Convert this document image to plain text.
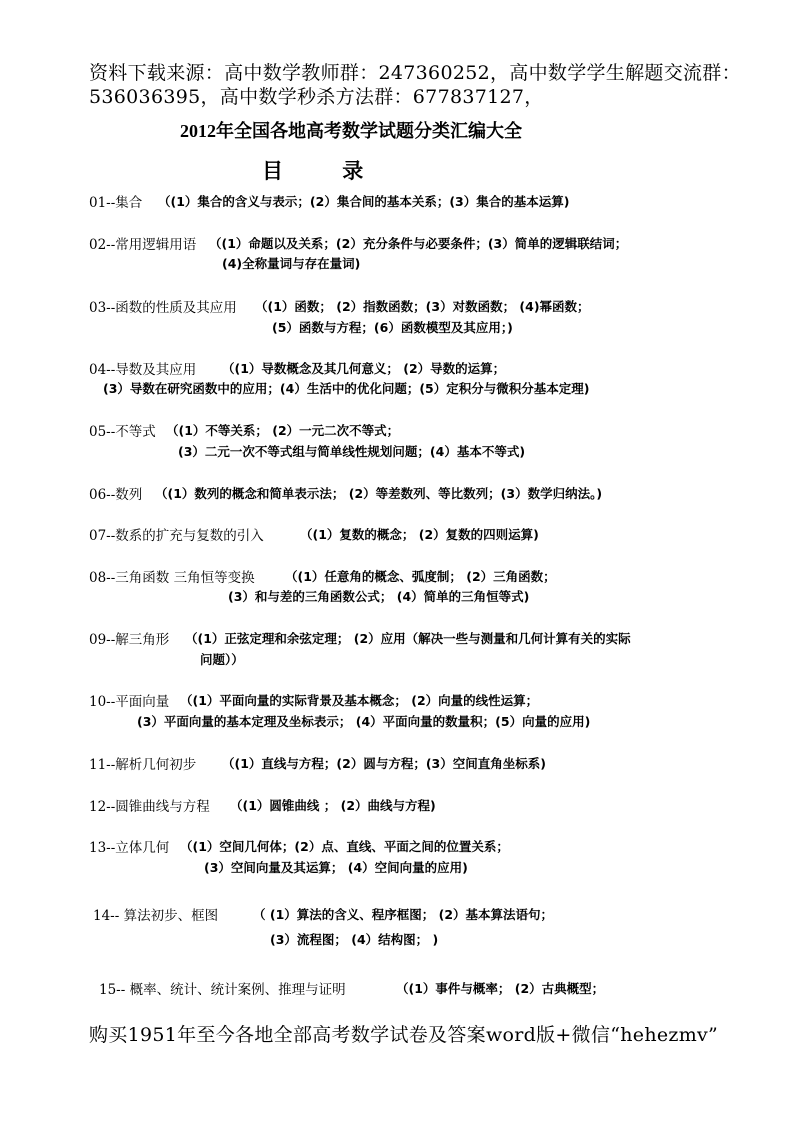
资料下载来源：高中数学教师群：247360252，高中数学学生解题交流群：
536036395，高中数学秒杀方法群：677837127，
2012年全国各地高考数学试题分类汇编大全
目 录
01--集合 （(1）集合的含义与表示；(2）集合间的基本关系；(3）集合的基本运算)
02--常用逻辑用语 （(1）命题以及关系；(2）充分条件与必要条件；(3）简单的逻辑联结词；
(4)全称量词与存在量词)
03--函数的性质及其应用 （(1）函数； (2）指数函数；(3）对数函数； (4)幂函数；
(5）函数与方程；(6）函数模型及其应用；)
04--导数及其应用 （(1）导数概念及其几何意义； (2）导数的运算；
(3）导数在研究函数中的应用；(4）生活中的优化问题；(5）定积分与微积分基本定理)
05--不等式 （(1）不等关系； (2）一元二次不等式；
(3）二元一次不等式组与简单线性规划问题；(4）基本不等式)
06--数列 （(1）数列的概念和简单表示法； (2）等差数列、等比数列；(3）数学归纳法。)
07--数系的扩充与复数的引入	（(1）复数的概念； (2）复数的四则运算)
08--三角函数 三角恒等变换 （(1）任意角的概念、弧度制； (2）三角函数；
(3）和与差的三角函数公式； (4）简单的三角恒等式)
09--解三角形 （(1）正弦定理和余弦定理； (2）应用（解决一些与测量和几何计算有关的实际
问题））
10--平面向量 （(1）平面向量的实际背景及基本概念； (2）向量的线性运算；
(3）平面向量的基本定理及坐标表示； (4）平面向量的数量积；(5）向量的应用)
11--解析几何初步 （(1）直线与方程；(2）圆与方程；(3）空间直角坐标系)
12--圆锥曲线与方程 （(1）圆锥曲线 ； (2）曲线与方程)
13--立体几何 （(1）空间几何体；(2）点、直线、平面之间的位置关系；
(3）空间向量及其运算； (4）空间向量的应用)
14-- 算法初步、框图	（ (1）算法的含义、程序框图； (2）基本算法语句；
(3）流程图； (4）结构图； )
15-- 概率、统计、统计案例、推理与证明	（(1）事件与概率； (2）古典概型；
购买1951年至今各地全部高考数学试卷及答案word版+微信“hehezmv”
